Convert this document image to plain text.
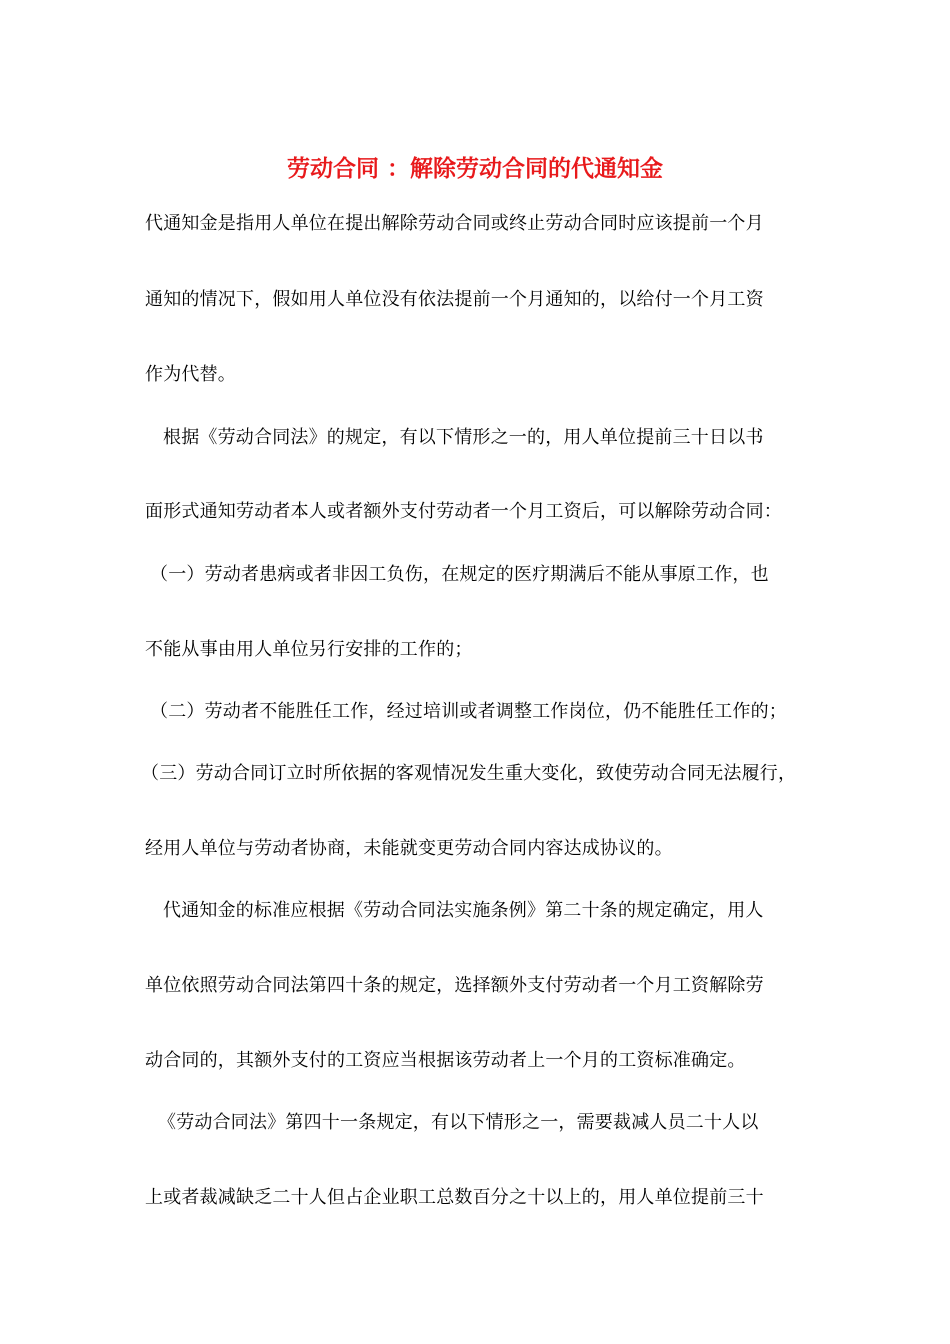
劳动合同 ：解除劳动合同的代通知金
代通知金是指用人单位在提出解除劳动合同或终止劳动合同时应该提前一个月
通知的情况下，假如用人单位没有依法提前一个月通知的，以给付一个月工资
作为代替。
根据《劳动合同法》的规定，有以下情形之一的，用人单位提前三十日以书
面形式通知劳动者本人或者额外支付劳动者一个月工资后，可以解除劳动合同：
（一）劳动者患病或者非因工负伤，在规定的医疗期满后不能从事原工作，也
不能从事由用人单位另行安排的工作的；
（二）劳动者不能胜任工作，经过培训或者调整工作岗位，仍不能胜任工作的；
（三）劳动合同订立时所依据的客观情况发生重大变化，致使劳动合同无法履行，
经用人单位与劳动者协商，未能就变更劳动合同内容达成协议的。
代通知金的标准应根据《劳动合同法实施条例》第二十条的规定确定，用人
单位依照劳动合同法第四十条的规定，选择额外支付劳动者一个月工资解除劳
动合同的，其额外支付的工资应当根据该劳动者上一个月的工资标准确定。
《劳动合同法》第四十一条规定，有以下情形之一，需要裁减人员二十人以
上或者裁减缺乏二十人但占企业职工总数百分之十以上的，用人单位提前三十
